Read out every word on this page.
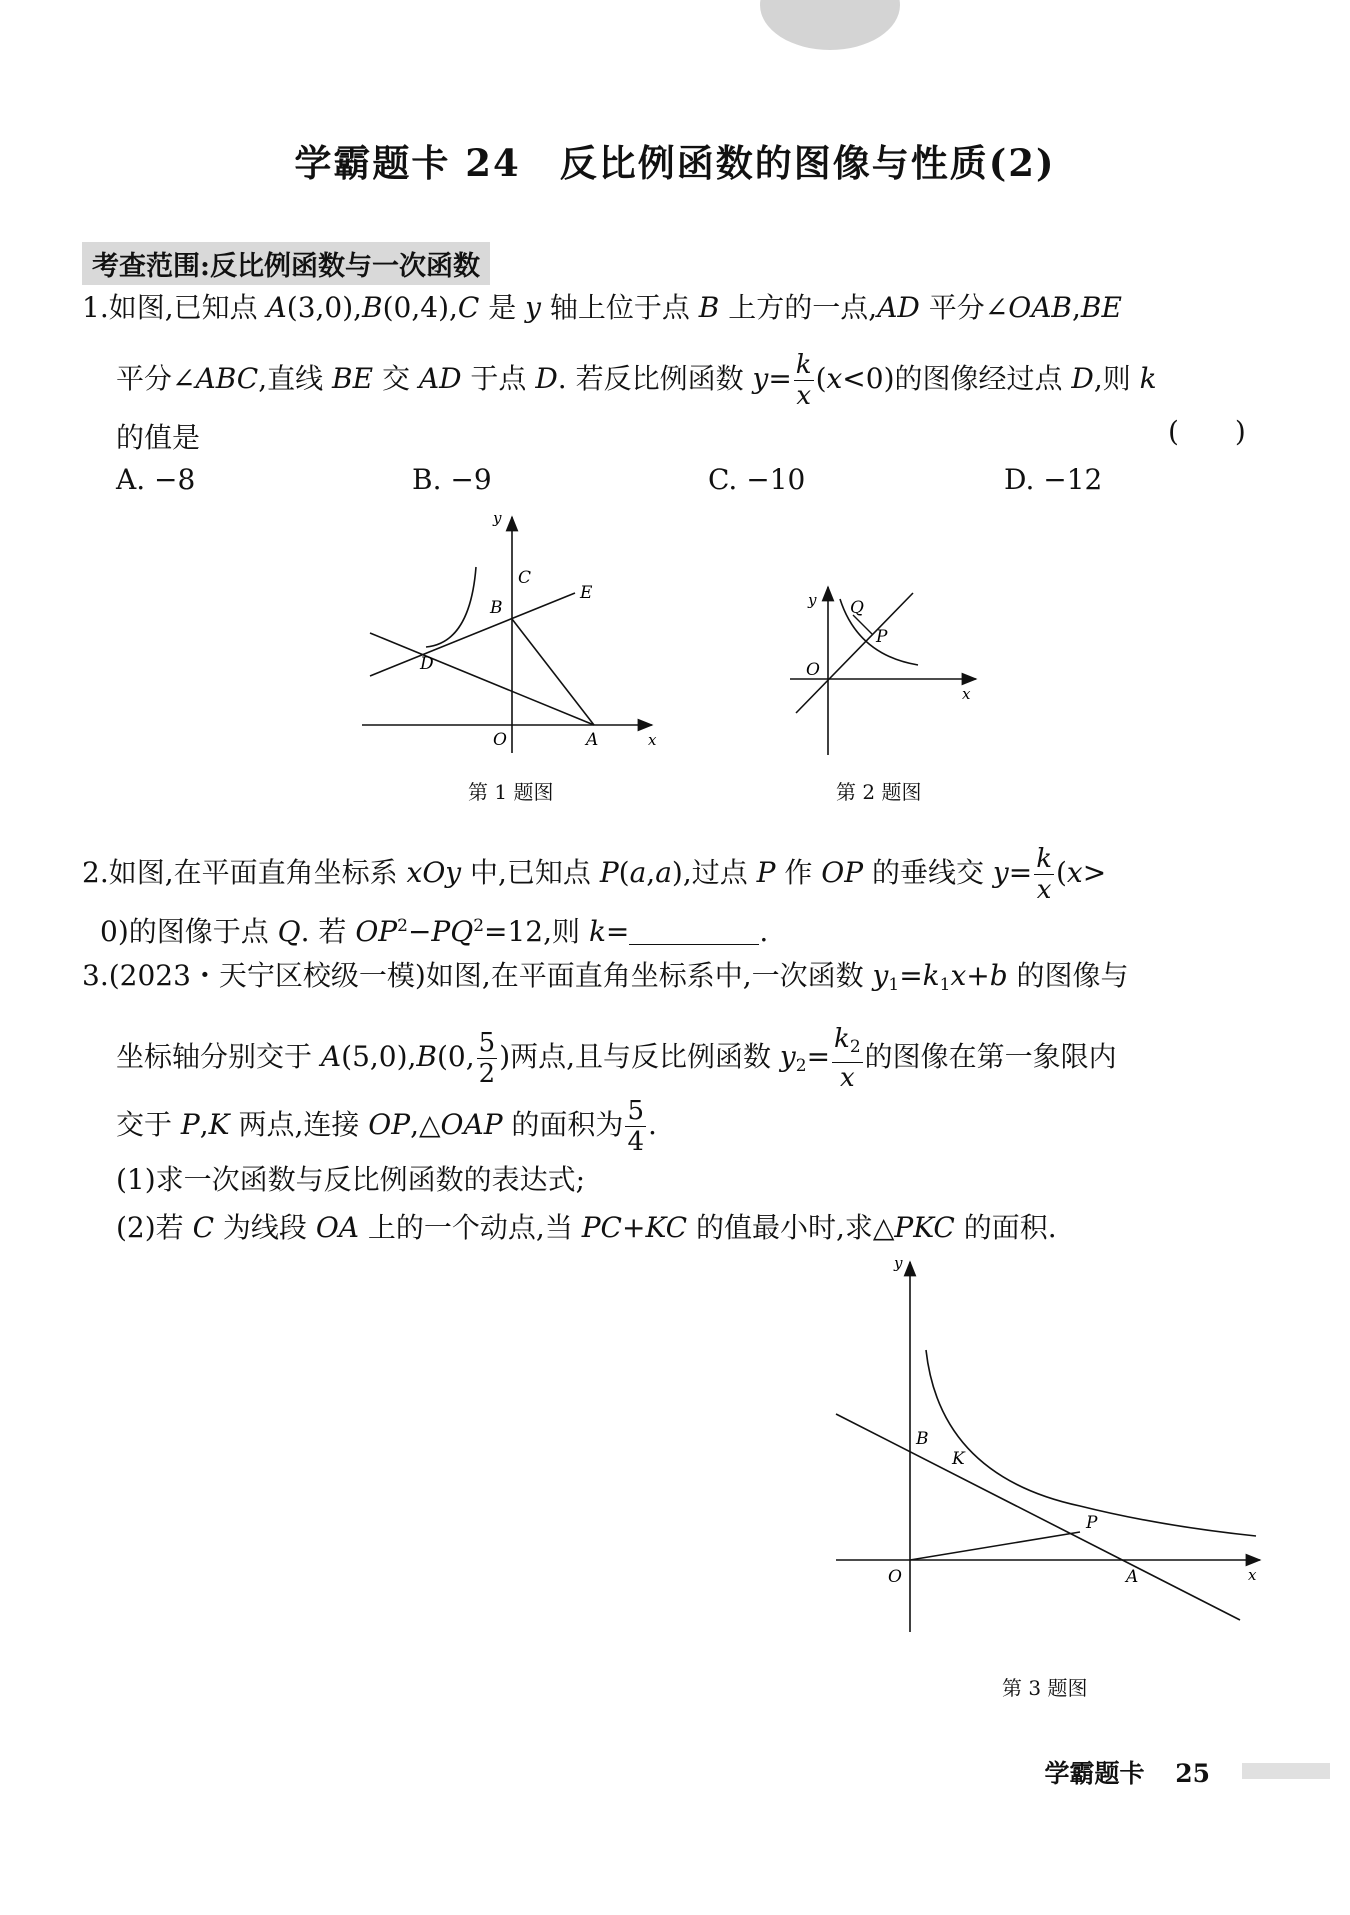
学霸题卡 24　反比例函数的图像与性质(2)
考查范围:反比例函数与一次函数
1.如图,已知点 A(3,0),B(0,4),C 是 y 轴上位于点 B 上方的一点,AD 平分∠OAB,BE
平分∠ABC,直线 BE 交 AD 于点 D. 若反比例函数 $y= \frac{k}{x} (x<0)$的图像经过点 D,则 k
的值是	(　　)
A. −8	B. −9	C. −10	D. −12
C
B
E
D
O	A	x
y
第 1 题图
Q
P
O
x
y
第 2 题图
2.如图,在平面直角坐标系 xOy 中,已知点 P(a,a),过点 P 作 OP 的垂线交 $y= \frac{k}{x} (x>$
0)的图像于点 Q. 若 $OP^2-PQ^2=12$,则 k=	.
3.(2023・天宁区校级一模)如图,在平面直角坐标系中,一次函数 $y_1=k_1x+b$ 的图像与
坐标轴分别交于 A(5,0),B(0, $\frac{5}{2}$ )两点,且与反比例函数 $y_2= \frac{k_2}{x}$ 的图像在第一象限内
交于 P,K 两点,连接 OP,△OAP 的面积为 $\frac{5}{4}$ .
(1)求一次函数与反比例函数的表达式;
(2)若 C 为线段 OA 上的一个动点,当 PC+KC 的值最小时,求△PKC 的面积.
B
K
P
O	A	x
y
第 3 题图
学霸题卡 25
